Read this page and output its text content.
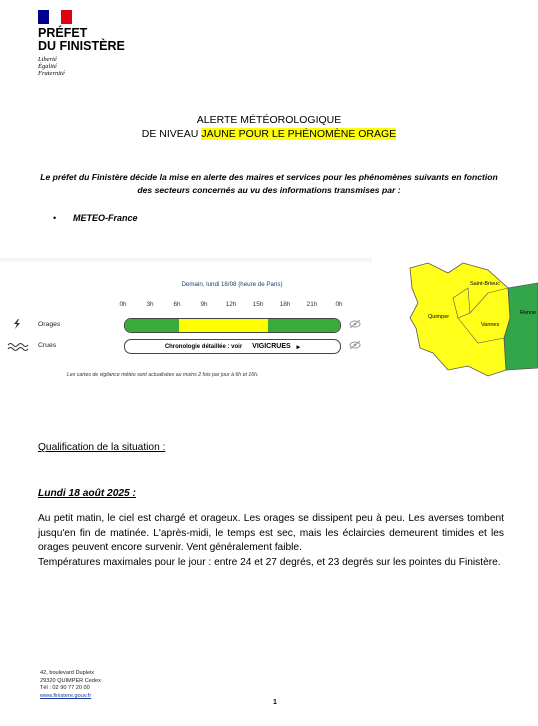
PRÉFET
DU FINISTÈRE
Liberté
Égalité
Fraternité
ALERTE MÉTÉOROLOGIQUE
DE NIVEAU JAUNE POUR LE PHÉNOMÈNE ORAGE
Le préfet du Finistère décide la mise en alerte des maires et services pour les phénomènes suivants en fonction des secteurs concernés au vu des informations transmises par :
• METEO-France
Demain, lundi 18/08 (heure de Paris)
0h	3h	6h	9h	12h	15h	18h	21h	0h
Orages
Crues	Chronologie détaillée : voir VIGICRUES ▸
Les cartes de vigilance météo sont actualisées au moins 2 fois par jour à 6h et 16h.
Saint-Brieuc
Quimper
Vannes
Renne
Qualification de la situation :
Lundi 18 août 2025 :
Au petit matin, le ciel est chargé et orageux. Les orages se dissipent peu à peu. Les averses tombent jusqu'en fin de matinée. L'après-midi, le temps est sec, mais les éclaircies demeurent timides et les orages peuvent encore survenir. Vent généralement faible.
Températures maximales pour le jour : entre 24 et 27 degrés, et 23 degrés sur les pointes du Finistère.
42, boulevard Dupleix
29320 QUIMPER Cedex
Tél : 02 90 77 20 00
www.finistere.gouv.fr
1
